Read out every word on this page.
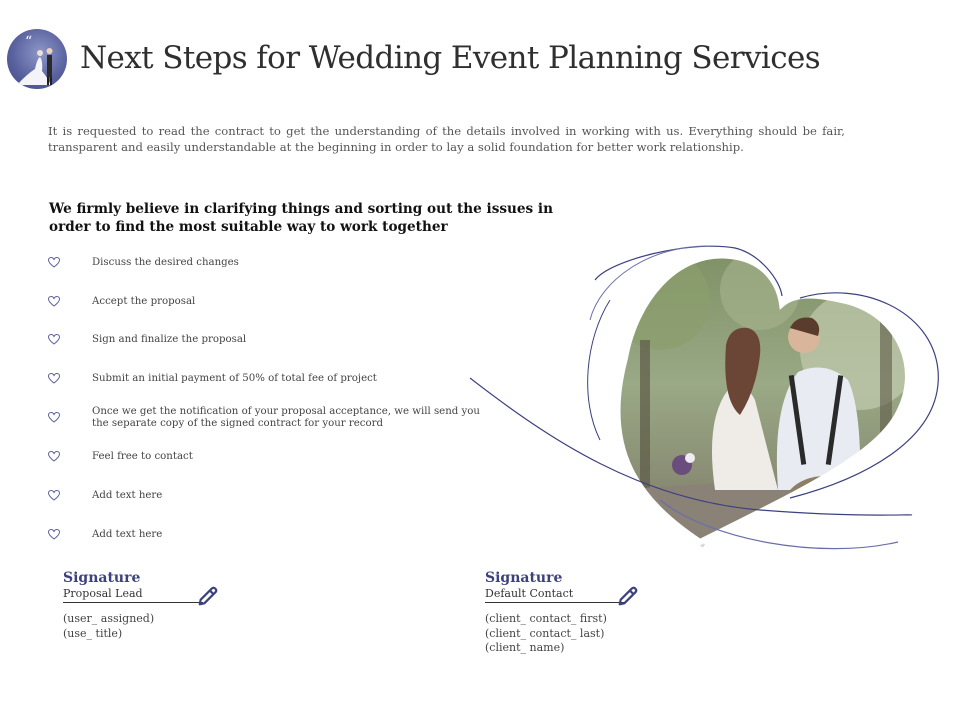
“ Next Steps for Wedding Event Planning Services
It is requested to read the contract to get the understanding of the details involved in working with us. Everything should be fair, transparent and easily understandable at the beginning in order to lay a solid foundation for better work relationship.
We firmly believe in clarifying things and sorting out the issues in order to find the most suitable way to work together
Discuss the desired changes
Accept the proposal
Sign and finalize the proposal
Submit an initial payment of 50% of total fee of project
Once we get the notification of your proposal acceptance, we will send you the separate copy of the signed contract for your record
Feel free to contact
Add text here
Add text here
Signature
Proposal Lead
(user_ assigned)
(use_ title)
Signature
Default Contact
(client_ contact_ first)
(client_ contact_ last)
(client_ name)
